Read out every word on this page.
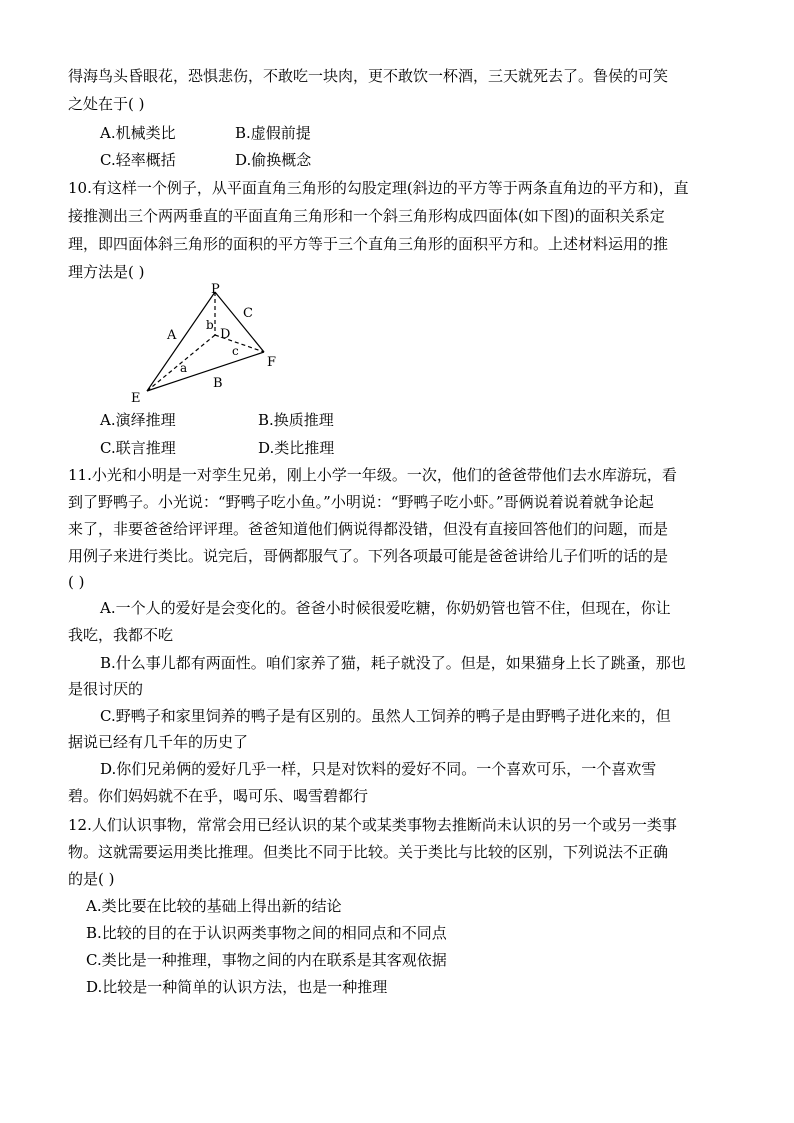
得海鸟头昏眼花，恐惧悲伤，不敢吃一块肉，更不敢饮一杯酒，三天就死去了。鲁侯的可笑
之处在于( )
A.机械类比	B.虚假前提
C.轻率概括	D.偷换概念
10.有这样一个例子，从平面直角三角形的勾股定理(斜边的平方等于两条直角边的平方和)，直
接推测出三个两两垂直的平面直角三角形和一个斜三角形构成四面体(如下图)的面积关系定
理，即四面体斜三角形的面积的平方等于三个直角三角形的面积平方和。上述材料运用的推
理方法是( )
P
A
b
D
C
a
c
F
B
E
A.演绎推理	B.换质推理
C.联言推理	D.类比推理
11.小光和小明是一对孪生兄弟，刚上小学一年级。一次，他们的爸爸带他们去水库游玩，看
到了野鸭子。小光说：“野鸭子吃小鱼。”小明说：“野鸭子吃小虾。”哥俩说着说着就争论起
来了，非要爸爸给评评理。爸爸知道他们俩说得都没错，但没有直接回答他们的问题，而是
用例子来进行类比。说完后，哥俩都服气了。下列各项最可能是爸爸讲给儿子们听的话的是
( )
A.一个人的爱好是会变化的。爸爸小时候很爱吃糖，你奶奶管也管不住，但现在，你让
我吃，我都不吃
B.什么事儿都有两面性。咱们家养了猫，耗子就没了。但是，如果猫身上长了跳蚤，那也
是很讨厌的
C.野鸭子和家里饲养的鸭子是有区别的。虽然人工饲养的鸭子是由野鸭子进化来的，但
据说已经有几千年的历史了
D.你们兄弟俩的爱好几乎一样，只是对饮料的爱好不同。一个喜欢可乐，一个喜欢雪
碧。你们妈妈就不在乎，喝可乐、喝雪碧都行
12.人们认识事物，常常会用已经认识的某个或某类事物去推断尚未认识的另一个或另一类事
物。这就需要运用类比推理。但类比不同于比较。关于类比与比较的区别，下列说法不正确
的是( )
A.类比要在比较的基础上得出新的结论
B.比较的目的在于认识两类事物之间的相同点和不同点
C.类比是一种推理，事物之间的内在联系是其客观依据
D.比较是一种简单的认识方法，也是一种推理
